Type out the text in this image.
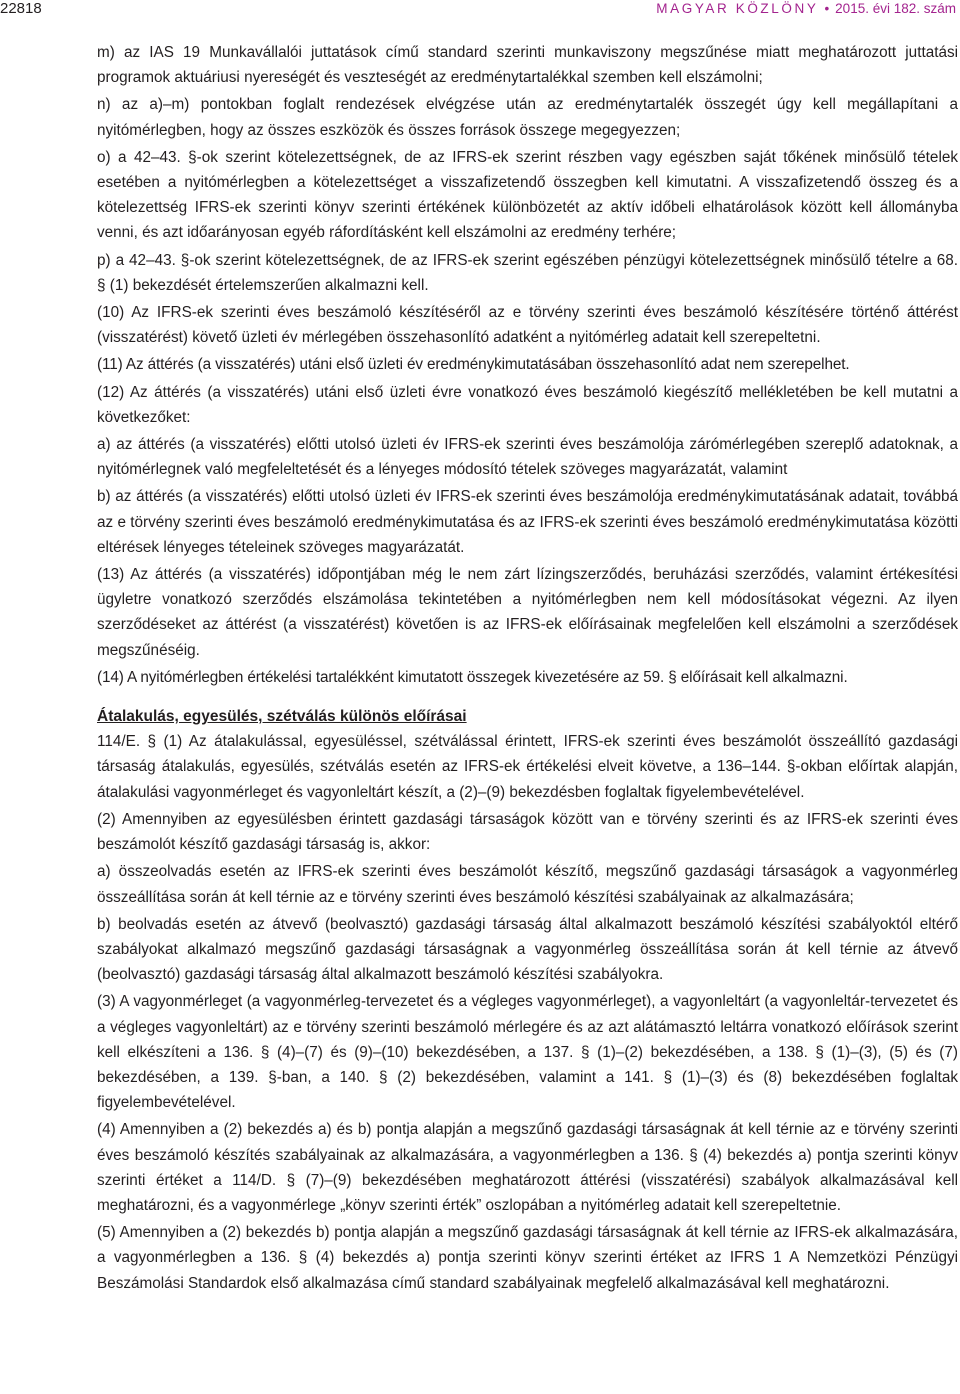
22818	MAGYAR KÖZLÖNY • 2015. évi 182. szám

m) az IAS 19 Munkavállalói juttatások című standard szerinti munkaviszony megszűnése miatt meghatározott juttatási programok aktuáriusi nyereségét és veszteségét az eredménytartalékkal szemben kell elszámolni;

n) az a)–m) pontokban foglalt rendezések elvégzése után az eredménytartalék összegét úgy kell megállapítani a nyitómérlegben, hogy az összes eszközök és összes források összege megegyezzen;

o) a 42–43. §-ok szerint kötelezettségnek, de az IFRS-ek szerint részben vagy egészben saját tőkének minősülő tételek esetében a nyitómérlegben a kötelezettséget a visszafizetendő összegben kell kimutatni. A visszafizetendő összeg és a kötelezettség IFRS-ek szerinti könyv szerinti értékének különbözetét az aktív időbeli elhatárolások között kell állományba venni, és azt időarányosan egyéb ráfordításként kell elszámolni az eredmény terhére;

p) a 42–43. §-ok szerint kötelezettségnek, de az IFRS-ek szerint egészében pénzügyi kötelezettségnek minősülő tételre a 68. § (1) bekezdését értelemszerűen alkalmazni kell.

(10) Az IFRS-ek szerinti éves beszámoló készítéséről az e törvény szerinti éves beszámoló készítésére történő áttérést (visszatérést) követő üzleti év mérlegében összehasonlító adatként a nyitómérleg adatait kell szerepeltetni.

(11) Az áttérés (a visszatérés) utáni első üzleti év eredménykimutatásában összehasonlító adat nem szerepelhet.

(12) Az áttérés (a visszatérés) utáni első üzleti évre vonatkozó éves beszámoló kiegészítő mellékletében be kell mutatni a következőket:

a) az áttérés (a visszatérés) előtti utolsó üzleti év IFRS-ek szerinti éves beszámolója zárómérlegében szereplő adatoknak, a nyitómérlegnek való megfeleltetését és a lényeges módosító tételek szöveges magyarázatát, valamint

b) az áttérés (a visszatérés) előtti utolsó üzleti év IFRS-ek szerinti éves beszámolója eredménykimutatásának adatait, továbbá az e törvény szerinti éves beszámoló eredménykimutatása és az IFRS-ek szerinti éves beszámoló eredménykimutatása közötti eltérések lényeges tételeinek szöveges magyarázatát.

(13) Az áttérés (a visszatérés) időpontjában még le nem zárt lízingszerződés, beruházási szerződés, valamint értékesítési ügyletre vonatkozó szerződés elszámolása tekintetében a nyitómérlegben nem kell módosításokat végezni. Az ilyen szerződéseket az áttérést (a visszatérést) követően is az IFRS-ek előírásainak megfelelően kell elszámolni a szerződések megszűnéséig.

(14) A nyitómérlegben értékelési tartalékként kimutatott összegek kivezetésére az 59. § előírásait kell alkalmazni.

Átalakulás, egyesülés, szétválás különös előírásai

114/E. § (1) Az átalakulással, egyesüléssel, szétválással érintett, IFRS-ek szerinti éves beszámolót összeállító gazdasági társaság átalakulás, egyesülés, szétválás esetén az IFRS-ek értékelési elveit követve, a 136–144. §-okban előírtak alapján, átalakulási vagyonmérleget és vagyonleltárt készít, a (2)–(9) bekezdésben foglaltak figyelembevételével.

(2) Amennyiben az egyesülésben érintett gazdasági társaságok között van e törvény szerinti és az IFRS-ek szerinti éves beszámolót készítő gazdasági társaság is, akkor:

a) összeolvadás esetén az IFRS-ek szerinti éves beszámolót készítő, megszűnő gazdasági társaságok a vagyonmérleg összeállítása során át kell térnie az e törvény szerinti éves beszámoló készítési szabályainak az alkalmazására;

b) beolvadás esetén az átvevő (beolvasztó) gazdasági társaság által alkalmazott beszámoló készítési szabályoktól eltérő szabályokat alkalmazó megszűnő gazdasági társaságnak a vagyonmérleg összeállítása során át kell térnie az átvevő (beolvasztó) gazdasági társaság által alkalmazott beszámoló készítési szabályokra.

(3) A vagyonmérleget (a vagyonmérleg-tervezetet és a végleges vagyonmérleget), a vagyonleltárt (a vagyonleltár-tervezetet és a végleges vagyonleltárt) az e törvény szerinti beszámoló mérlegére és az azt alátámasztó leltárra vonatkozó előírások szerint kell elkészíteni a 136. § (4)–(7) és (9)–(10) bekezdésében, a 137. § (1)–(2) bekezdésében, a 138. § (1)–(3), (5) és (7) bekezdésében, a 139. §-ban, a 140. § (2) bekezdésében, valamint a 141. § (1)–(3) és (8) bekezdésében foglaltak figyelembevételével.

(4) Amennyiben a (2) bekezdés a) és b) pontja alapján a megszűnő gazdasági társaságnak át kell térnie az e törvény szerinti éves beszámoló készítés szabályainak az alkalmazására, a vagyonmérlegben a 136. § (4) bekezdés a) pontja szerinti könyv szerinti értéket a 114/D. § (7)–(9) bekezdésében meghatározott áttérési (visszatérési) szabályok alkalmazásával kell meghatározni, és a vagyonmérlege „könyv szerinti érték” oszlopában a nyitómérleg adatait kell szerepeltetnie.

(5) Amennyiben a (2) bekezdés b) pontja alapján a megszűnő gazdasági társaságnak át kell térnie az IFRS-ek alkalmazására, a vagyonmérlegben a 136. § (4) bekezdés a) pontja szerinti könyv szerinti értéket az IFRS 1 A Nemzetközi Pénzügyi Beszámolási Standardok első alkalmazása című standard szabályainak megfelelő alkalmazásával kell meghatározni.
